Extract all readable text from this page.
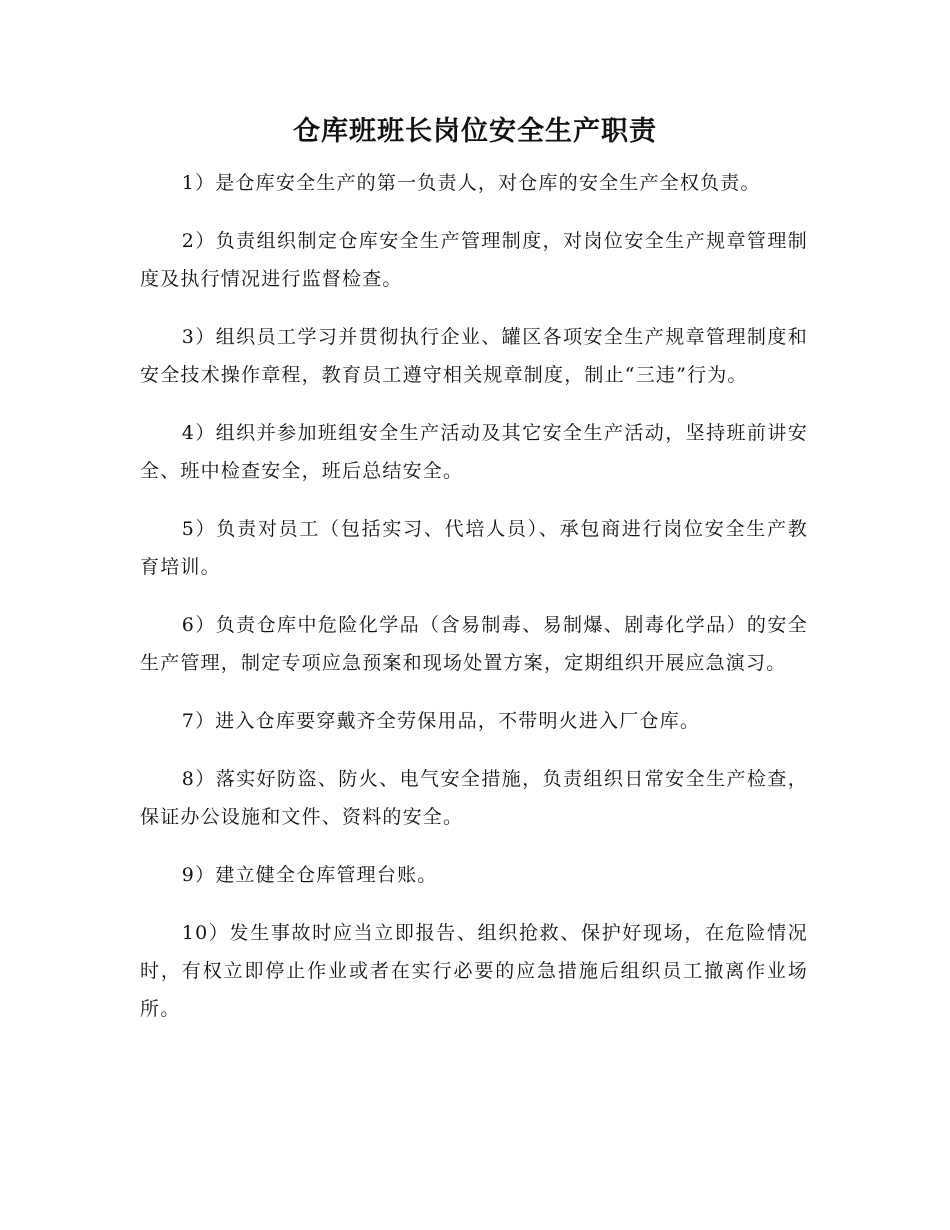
仓库班班长岗位安全生产职责

1）是仓库安全生产的第一负责人，对仓库的安全生产全权负责。

2）负责组织制定仓库安全生产管理制度，对岗位安全生产规章管理制度及执行情况进行监督检查。

3）组织员工学习并贯彻执行企业、罐区各项安全生产规章管理制度和安全技术操作章程，教育员工遵守相关规章制度，制止“三违”行为。

4）组织并参加班组安全生产活动及其它安全生产活动，坚持班前讲安全、班中检查安全，班后总结安全。

5）负责对员工（包括实习、代培人员）、承包商进行岗位安全生产教育培训。

6）负责仓库中危险化学品（含易制毒、易制爆、剧毒化学品）的安全生产管理，制定专项应急预案和现场处置方案，定期组织开展应急演习。

7）进入仓库要穿戴齐全劳保用品，不带明火进入厂仓库。

8）落实好防盗、防火、电气安全措施，负责组织日常安全生产检查，保证办公设施和文件、资料的安全。

9）建立健全仓库管理台账。

10）发生事故时应当立即报告、组织抢救、保护好现场，在危险情况时，有权立即停止作业或者在实行必要的应急措施后组织员工撤离作业场所。
